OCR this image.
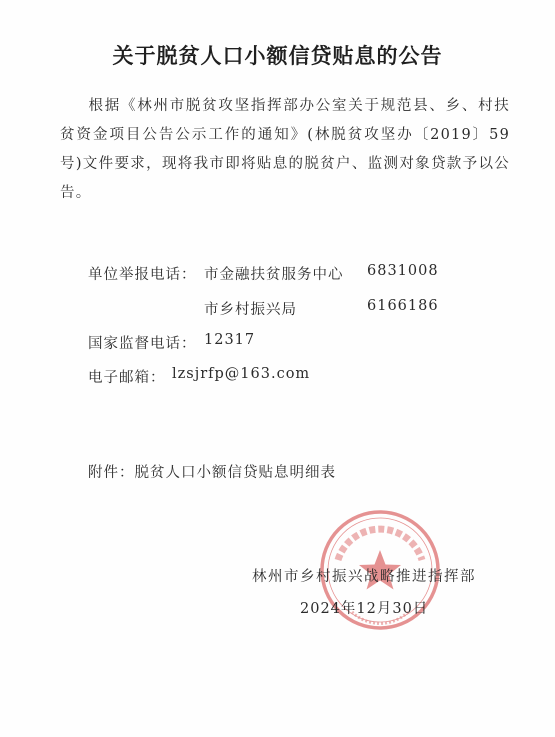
关于脱贫人口小额信贷贴息的公告
根据《林州市脱贫攻坚指挥部办公室关于规范县、乡、村扶贫资金项目公告公示工作的通知》(林脱贫攻坚办〔2019〕59号)文件要求，现将我市即将贴息的脱贫户、监测对象贷款予以公告。
单位举报电话： 市金融扶贫服务中心 6831008
市乡村振兴局	6166186
国家监督电话： 12317
电子邮箱： lzsjrfp@163.com
附件：脱贫人口小额信贷贴息明细表
林州市乡村振兴战略推进指挥部
2024年12月30日
